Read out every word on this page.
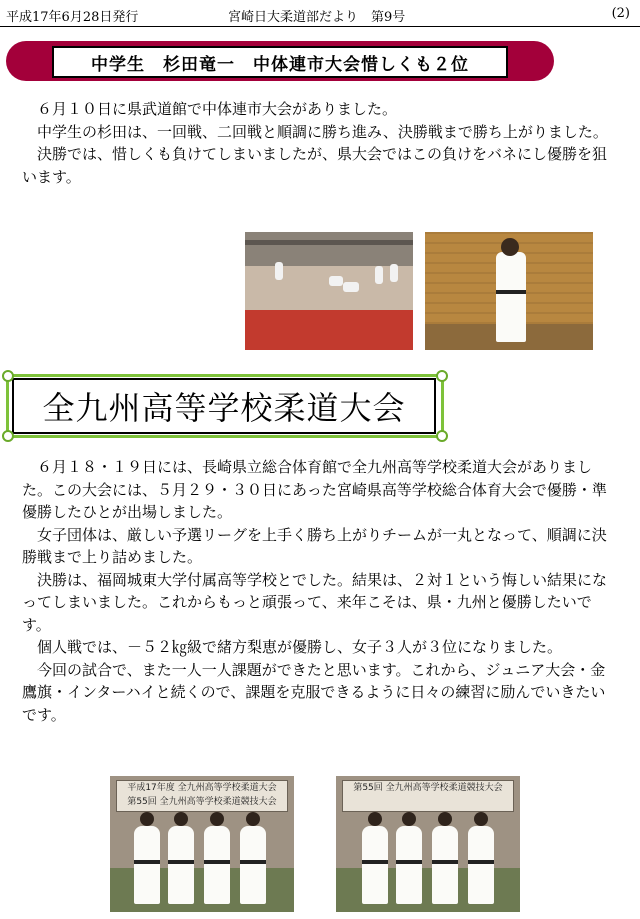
平成17年6月28日発行	宮崎日大柔道部だより　第9号	(2)
中学生　杉田竜一　中体連市大会惜しくも２位

　６月１０日に県武道館で中体連市大会がありました。

　中学生の杉田は、一回戦、二回戦と順調に勝ち進み、決勝戦まで勝ち上がりました。

　決勝では、惜しくも負けてしまいましたが、県大会ではこの負けをバネにし優勝を狙います。

全九州高等学校柔道大会

　６月１８・１９日には、長崎県立総合体育館で全九州高等学校柔道大会がありました。この大会には、５月２９・３０日にあった宮崎県高等学校総合体育大会で優勝・準優勝したひとが出場しました。

　女子団体は、厳しい予選リーグを上手く勝ち上がりチームが一丸となって、順調に決勝戦まで上り詰めました。

　決勝は、福岡城東大学付属高等学校とでした。結果は、２対１という悔しい結果になってしまいました。これからもっと頑張って、来年こそは、県・九州と優勝したいです。

　個人戦では、－５２㎏級で緒方梨恵が優勝し、女子３人が３位になりました。

　今回の試合で、また一人一人課題ができたと思います。これから、ジュニア大会・金鷹旗・インターハイと続くので、課題を克服できるように日々の練習に励んでいきたいです。

平成17年度 全九州高等学校柔道大会
第55回 全九州高等学校柔道競技大会
第55回 全九州高等学校柔道競技大会
